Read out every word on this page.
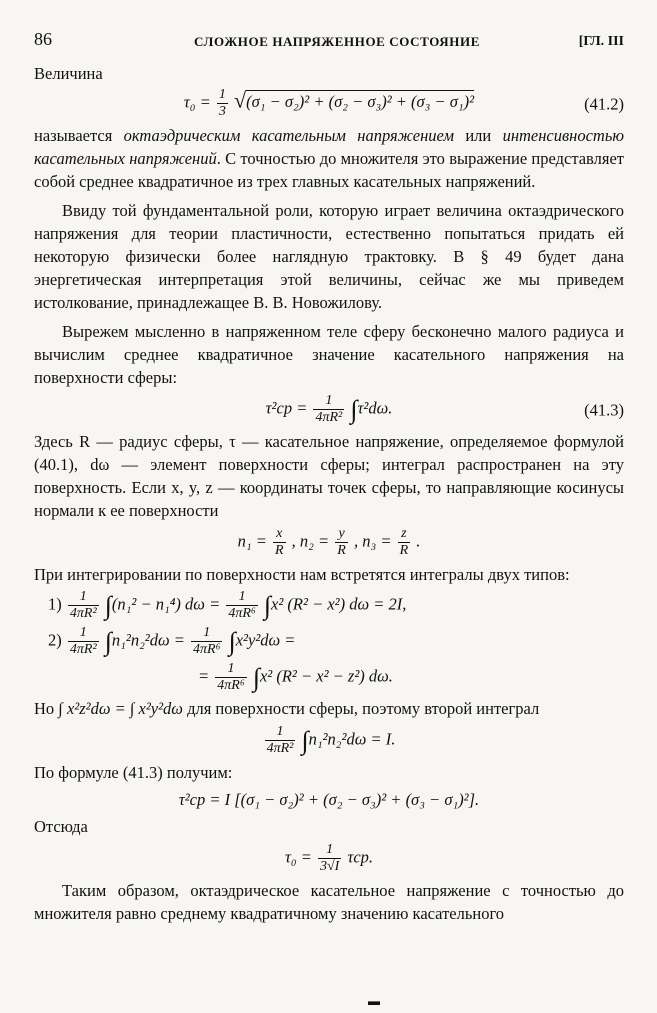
86	СЛОЖНОЕ НАПРЯЖЕННОЕ СОСТОЯНИЕ	[ГЛ. III

Величина

$\tau_0 = \frac{1}{3} √(\sigma_1 - \sigma_2)^2 + (\sigma_2 - \sigma_3)^2 + (\sigma_3 - \sigma_1)^2$	(41.2)

называется октаэдрическим касательным напряжением или интенсивностью касательных напряжений. С точностью до множителя это выражение представляет собой среднее квадратичное из трех главных касательных напряжений.

Ввиду той фундаментальной роли, которую играет величина октаэдрического напряжения для теории пластичности, естественно попытаться придать ей некоторую физически более наглядную трактовку. В § 49 будет дана энергетическая интерпретация этой величины, сейчас же мы приведем истолкование, принадлежащее В. В. Новожилову.

Вырежем мысленно в напряженном теле сферу бесконечно малого радиуса и вычислим среднее квадратичное значение касательного напряжения на поверхности сферы:

$\tau^2ср = \frac{1}{\text{4πR²}} \int\tau^2d\omega$.	(41.3)

Здесь R — радиус сферы, τ — касательное напряжение, определяемое формулой (40.1), dω — элемент поверхности сферы; интеграл распространен на эту поверхность. Если x, y, z — координаты точек сферы, то направляющие косинусы нормали к ее поверхности

$n_1 = \frac{x}{R}$ , $n_2 = \frac{y}{R}$ , $n_3 = \frac{z}{R}$ .

При интегрировании по поверхности нам встретятся интегралы двух типов:

$1) \frac{1}{\text{4πR²}} \int(n_1^2 - n_1^4) d\omega = \frac{1}{\text{4πR⁶}} \int x^2$ (R² − x²) dω = 2I,
$2) \frac{1}{\text{4πR²}} \int n_1^2n_2^2d\omega = \frac{1}{\text{4πR⁶}} \int x^2y^2d\omega$ =
= $\frac{1}{\text{4πR⁶}} \int x^2$ (R² − x² − z²) dω.

Но ∫ x²z²dω = ∫ x²y²dω для поверхности сферы, поэтому второй интеграл

$\frac{1}{\text{4πR²}} \int n_1^2n_2^2d\omega = I$.

По формуле (41.3) получим:

τ²ср = I [(σ₁ − σ₂)² + (σ₂ − σ₃)² + (σ₃ − σ₁)²].

Отсюда

$\tau_0 = \frac{1}{3√I} \tau ср$.

Таким образом, октаэдрическое касательное напряжение с точностью до множителя равно среднему квадратичному значению касательного

▬
